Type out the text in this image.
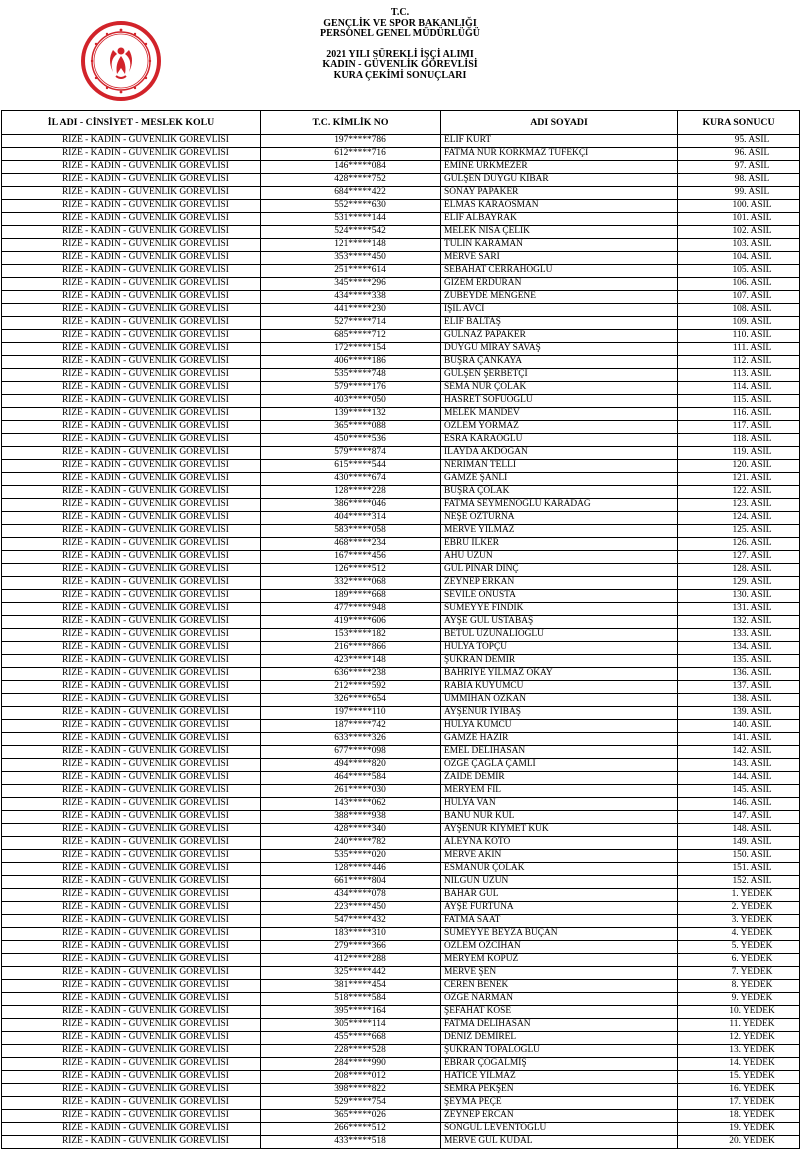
T.C.
GENÇLİK VE SPOR BAKANLIĞI
PERSONEL GENEL MÜDÜRLÜĞÜ
2021 YILI SÜREKLİ İŞÇİ ALIMI
KADIN - GÜVENLİK GÖREVLİSİ
KURA ÇEKİMİ SONUÇLARI
İL ADI - CİNSİYET - MESLEK KOLU	T.C. KİMLİK NO	ADI SOYADI	KURA SONUCU
RİZE - KADIN - GÜVENLİK GÖREVLİSİ	197*****786	ELİF KURT	95. ASİL
RİZE - KADIN - GÜVENLİK GÖREVLİSİ	612*****716	FATMA NUR KORKMAZ TÜFEKÇİ	96. ASİL
RİZE - KADIN - GÜVENLİK GÖREVLİSİ	146*****084	EMİNE ÜRKMEZER	97. ASİL
RİZE - KADIN - GÜVENLİK GÖREVLİSİ	428*****752	GÜLŞEN DUYGU KİBAR	98. ASİL
RİZE - KADIN - GÜVENLİK GÖREVLİSİ	684*****422	SONAY PAPAKER	99. ASİL
RİZE - KADIN - GÜVENLİK GÖREVLİSİ	552*****630	ELMAS KARAOSMAN	100. ASİL
RİZE - KADIN - GÜVENLİK GÖREVLİSİ	531*****144	ELİF ALBAYRAK	101. ASİL
RİZE - KADIN - GÜVENLİK GÖREVLİSİ	524*****542	MELEK NİSA ÇELİK	102. ASİL
RİZE - KADIN - GÜVENLİK GÖREVLİSİ	121*****148	TÜLİN KARAMAN	103. ASİL
RİZE - KADIN - GÜVENLİK GÖREVLİSİ	353*****450	MERVE SARI	104. ASİL
RİZE - KADIN - GÜVENLİK GÖREVLİSİ	251*****614	SEBAHAT CERRAHOĞLU	105. ASİL
RİZE - KADIN - GÜVENLİK GÖREVLİSİ	345*****296	GİZEM ERDURAN	106. ASİL
RİZE - KADIN - GÜVENLİK GÖREVLİSİ	434*****338	ZÜBEYDE MENGENE	107. ASİL
RİZE - KADIN - GÜVENLİK GÖREVLİSİ	441*****230	IŞIL AVCI	108. ASİL
RİZE - KADIN - GÜVENLİK GÖREVLİSİ	527*****714	ELİF BALTAŞ	109. ASİL
RİZE - KADIN - GÜVENLİK GÖREVLİSİ	685*****712	GÜLNAZ PAPAKER	110. ASİL
RİZE - KADIN - GÜVENLİK GÖREVLİSİ	172*****154	DUYGU MİRAY SAVAŞ	111. ASİL
RİZE - KADIN - GÜVENLİK GÖREVLİSİ	406*****186	BÜŞRA ÇANKAYA	112. ASİL
RİZE - KADIN - GÜVENLİK GÖREVLİSİ	535*****748	GÜLŞEN ŞERBETÇİ	113. ASİL
RİZE - KADIN - GÜVENLİK GÖREVLİSİ	579*****176	SEMA NUR ÇOLAK	114. ASİL
RİZE - KADIN - GÜVENLİK GÖREVLİSİ	403*****050	HASRET SOFUOĞLU	115. ASİL
RİZE - KADIN - GÜVENLİK GÖREVLİSİ	139*****132	MELEK MANDEV	116. ASİL
RİZE - KADIN - GÜVENLİK GÖREVLİSİ	365*****088	ÖZLEM YORMAZ	117. ASİL
RİZE - KADIN - GÜVENLİK GÖREVLİSİ	450*****536	ESRA KARAOĞLU	118. ASİL
RİZE - KADIN - GÜVENLİK GÖREVLİSİ	579*****874	İLAYDA AKDOĞAN	119. ASİL
RİZE - KADIN - GÜVENLİK GÖREVLİSİ	615*****544	NERİMAN TELLİ	120. ASİL
RİZE - KADIN - GÜVENLİK GÖREVLİSİ	430*****674	GAMZE ŞANLI	121. ASİL
RİZE - KADIN - GÜVENLİK GÖREVLİSİ	128*****228	BÜŞRA ÇOLAK	122. ASİL
RİZE - KADIN - GÜVENLİK GÖREVLİSİ	386*****046	FATMA SEYMENOĞLU KARADAĞ	123. ASİL
RİZE - KADIN - GÜVENLİK GÖREVLİSİ	404*****314	NEŞE ÖZTURNA	124. ASİL
RİZE - KADIN - GÜVENLİK GÖREVLİSİ	583*****058	MERVE YILMAZ	125. ASİL
RİZE - KADIN - GÜVENLİK GÖREVLİSİ	468*****234	EBRU İLKER	126. ASİL
RİZE - KADIN - GÜVENLİK GÖREVLİSİ	167*****456	AHU UZUN	127. ASİL
RİZE - KADIN - GÜVENLİK GÖREVLİSİ	126*****512	GÜL PINAR DİNÇ	128. ASİL
RİZE - KADIN - GÜVENLİK GÖREVLİSİ	332*****068	ZEYNEP ERKAN	129. ASİL
RİZE - KADIN - GÜVENLİK GÖREVLİSİ	189*****668	SEVİLE ÖNUSTA	130. ASİL
RİZE - KADIN - GÜVENLİK GÖREVLİSİ	477*****948	SÜMEYYE FINDIK	131. ASİL
RİZE - KADIN - GÜVENLİK GÖREVLİSİ	419*****606	AYŞE GÜL USTABAŞ	132. ASİL
RİZE - KADIN - GÜVENLİK GÖREVLİSİ	153*****182	BETÜL UZUNALİOĞLU	133. ASİL
RİZE - KADIN - GÜVENLİK GÖREVLİSİ	216*****866	HÜLYA TOPÇU	134. ASİL
RİZE - KADIN - GÜVENLİK GÖREVLİSİ	423*****148	ŞÜKRAN DEMİR	135. ASİL
RİZE - KADIN - GÜVENLİK GÖREVLİSİ	636*****238	BAHRİYE YILMAZ OKAY	136. ASİL
RİZE - KADIN - GÜVENLİK GÖREVLİSİ	212*****592	RABİA KUYUMCU	137. ASİL
RİZE - KADIN - GÜVENLİK GÖREVLİSİ	326*****654	ÜMMİHAN ÖZKAN	138. ASİL
RİZE - KADIN - GÜVENLİK GÖREVLİSİ	197*****110	AYŞENUR İYİBAŞ	139. ASİL
RİZE - KADIN - GÜVENLİK GÖREVLİSİ	187*****742	HÜLYA KUMCU	140. ASİL
RİZE - KADIN - GÜVENLİK GÖREVLİSİ	633*****326	GAMZE HAZIR	141. ASİL
RİZE - KADIN - GÜVENLİK GÖREVLİSİ	677*****098	EMEL DELİHASAN	142. ASİL
RİZE - KADIN - GÜVENLİK GÖREVLİSİ	494*****820	ÖZGE ÇAĞLA ÇAMLI	143. ASİL
RİZE - KADIN - GÜVENLİK GÖREVLİSİ	464*****584	ZAİDE DEMİR	144. ASİL
RİZE - KADIN - GÜVENLİK GÖREVLİSİ	261*****030	MERYEM FİL	145. ASİL
RİZE - KADIN - GÜVENLİK GÖREVLİSİ	143*****062	HÜLYA VAN	146. ASİL
RİZE - KADIN - GÜVENLİK GÖREVLİSİ	388*****938	BANU NUR KUL	147. ASİL
RİZE - KADIN - GÜVENLİK GÖREVLİSİ	428*****340	AYŞENUR KIYMET KUK	148. ASİL
RİZE - KADIN - GÜVENLİK GÖREVLİSİ	240*****782	ALEYNA KOTO	149. ASİL
RİZE - KADIN - GÜVENLİK GÖREVLİSİ	535*****020	MERVE AKIN	150. ASİL
RİZE - KADIN - GÜVENLİK GÖREVLİSİ	128*****446	ESMANUR ÇOLAK	151. ASİL
RİZE - KADIN - GÜVENLİK GÖREVLİSİ	661*****804	NİLGÜN UZUN	152. ASİL
RİZE - KADIN - GÜVENLİK GÖREVLİSİ	434*****078	BAHAR GÜL	1. YEDEK
RİZE - KADIN - GÜVENLİK GÖREVLİSİ	223*****450	AYŞE FURTUNA	2. YEDEK
RİZE - KADIN - GÜVENLİK GÖREVLİSİ	547*****432	FATMA SAAT	3. YEDEK
RİZE - KADIN - GÜVENLİK GÖREVLİSİ	183*****310	SÜMEYYE BEYZA BUÇAN	4. YEDEK
RİZE - KADIN - GÜVENLİK GÖREVLİSİ	279*****366	ÖZLEM ÖZCİHAN	5. YEDEK
RİZE - KADIN - GÜVENLİK GÖREVLİSİ	412*****288	MERYEM KOPUZ	6. YEDEK
RİZE - KADIN - GÜVENLİK GÖREVLİSİ	325*****442	MERVE ŞEN	7. YEDEK
RİZE - KADIN - GÜVENLİK GÖREVLİSİ	381*****454	CEREN BENEK	8. YEDEK
RİZE - KADIN - GÜVENLİK GÖREVLİSİ	518*****584	ÖZGE NARMAN	9. YEDEK
RİZE - KADIN - GÜVENLİK GÖREVLİSİ	395*****164	ŞEFAHAT KÖSE	10. YEDEK
RİZE - KADIN - GÜVENLİK GÖREVLİSİ	305*****114	FATMA DELİHASAN	11. YEDEK
RİZE - KADIN - GÜVENLİK GÖREVLİSİ	455*****668	DENİZ DEMİREL	12. YEDEK
RİZE - KADIN - GÜVENLİK GÖREVLİSİ	228*****528	ŞÜKRAN TOPALOĞLU	13. YEDEK
RİZE - KADIN - GÜVENLİK GÖREVLİSİ	284*****990	EBRAR ÇOĞALMIŞ	14. YEDEK
RİZE - KADIN - GÜVENLİK GÖREVLİSİ	208*****012	HATİCE YILMAZ	15. YEDEK
RİZE - KADIN - GÜVENLİK GÖREVLİSİ	398*****822	SEMRA PEKŞEN	16. YEDEK
RİZE - KADIN - GÜVENLİK GÖREVLİSİ	529*****754	ŞEYMA PEÇE	17. YEDEK
RİZE - KADIN - GÜVENLİK GÖREVLİSİ	365*****026	ZEYNEP ERCAN	18. YEDEK
RİZE - KADIN - GÜVENLİK GÖREVLİSİ	266*****512	SONGÜL LEVENTOĞLU	19. YEDEK
RİZE - KADIN - GÜVENLİK GÖREVLİSİ	433*****518	MERVE GÜL KUDAL	20. YEDEK
